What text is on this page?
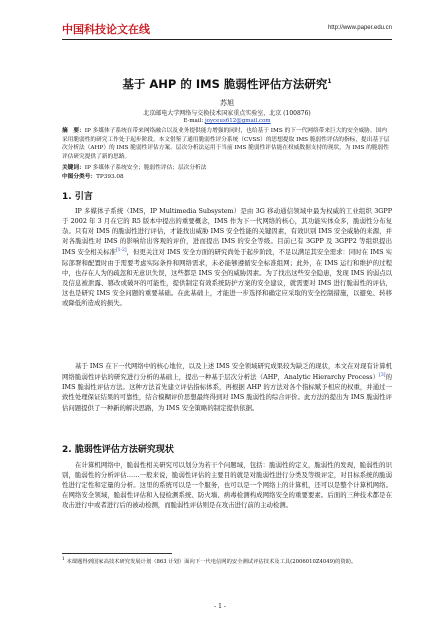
中国科技论文在线	http://www.paper.edu.cn
基于 AHP 的 IMS 脆弱性评估方法研究$^1$
苏旭
北京邮电大学网络与交换技术国家重点实验室，北京 (100876)
E-mail: joyceus612@gmail.com
摘　要：IP 多媒体子系统在带来网络融合以及业务提供能力增强的同时，也给基于 IMS 的下一代网络带来巨大的安全威胁。国内采用脆弱性的研究工作处于起步阶段。本文借鉴了通用脆弱性评分系统（CVSS）的思想提取 IMS 脆弱性评估的指标，提出基于层次分析法（AHP）的 IMS 脆弱性评估方案。层次分析法运用于当前 IMS 脆弱性评估能在权威数据支持的现状，为 IMS 的脆弱性评估研究提供了新的思路。
关键词：IP 多媒体子系统安全；脆弱性评估；层次分析法
中图分类号：TP393.08
1. 引言
IP 多媒体子系统（IMS，IP Multimedia Subsystem）是由 3G 移动通信领域中最为权威的工业组织 3GPP 于 2002 年 3 月在它的 R5 版本中提出的重要概念，IMS 作为下一代网络的核心，其功能实体众多，脆弱性分布复杂。只有对 IMS 的脆弱性进行评估，才能找出威胁 IMS 安全性能的关键因素，有效识别 IMS 安全威胁的来源，并对各脆弱性对 IMS 的影响给出客观的评价，进而提出 IMS 的安全等级。目前已有 3GPP 及 3GPP2 等组织提出 IMS 安全相关标准[1-2]，但更关注对 IMS 安全方面的研究尚处于起步阶段，不足以满足其安全需求：同时在 IMS 实际部署和配置时由于需要考虑实际条件和网络需求，未必能够遵循安全标准组网；此外，在 IMS 运行和维护的过程中，也存在人为的疏忽和无意识失误，这些都是 IMS 安全的威胁因素。为了找出这些安全隐患，发现 IMS 的弱点以及信息被泄露、篡改或破坏的可能性，提供制定有效系统防护方案的安全建议，就需要对 IMS 进行脆弱性的评估，这也是研究 IMS 安全问题的重要基础。在此基础上，才能进一步选择和确定应采取的安全控制措施，以避免、转移或降低所造成的损失。
基于 IMS 在下一代网络中的核心地位，以及上述 IMS 安全领域研究成果较为缺乏的现状，本文在对现有计算机网络脆弱性评估的研究进行分析的基础上，提出一种基于层次分析法（AHP，Analytic Hierarchy Process）[3]的 IMS 脆弱性评估方法。这种方法首先建立评估指标体系，再根据 AHP 的方法对各个指标赋予相应的权重，并通过一致性处理保证结果的可靠性，结合模糊评价思想最终得到对 IMS 脆弱性的综合评价。此方法的提出为 IMS 脆弱性评估问题提供了一种新的解决思路，为 IMS 安全策略的制定提供依据。
2. 脆弱性评估方法研究现状
在计算机网络中，脆弱性相关研究可以划分为若干个问题域，包括：脆弱性的定义，脆弱性的发现，脆弱性的识别，脆弱性的分析评估……一般来说，脆弱性评估的主要目的就是对脆弱性进行分类及等级评定，对目标系统的脆弱性进行定性和定量的分析。这里的系统可以是一个服务，也可以是一个网络上的计算机，还可以是整个计算机网络。在网络安全领域，脆弱性评估和入侵检测系统、防火墙、病毒检测构成网络安全的重要要素。后面的三种技术都是在攻击进行中或者进行后的被动检测，而脆弱性评估则是在攻击进行前的主动检测。
$^1$ 本课题得到国家高技术研究发展计划（863 计划）面向下一代电信网的安全测试评估技术及工具(2006010Z4049)的资助。
- 1 -
